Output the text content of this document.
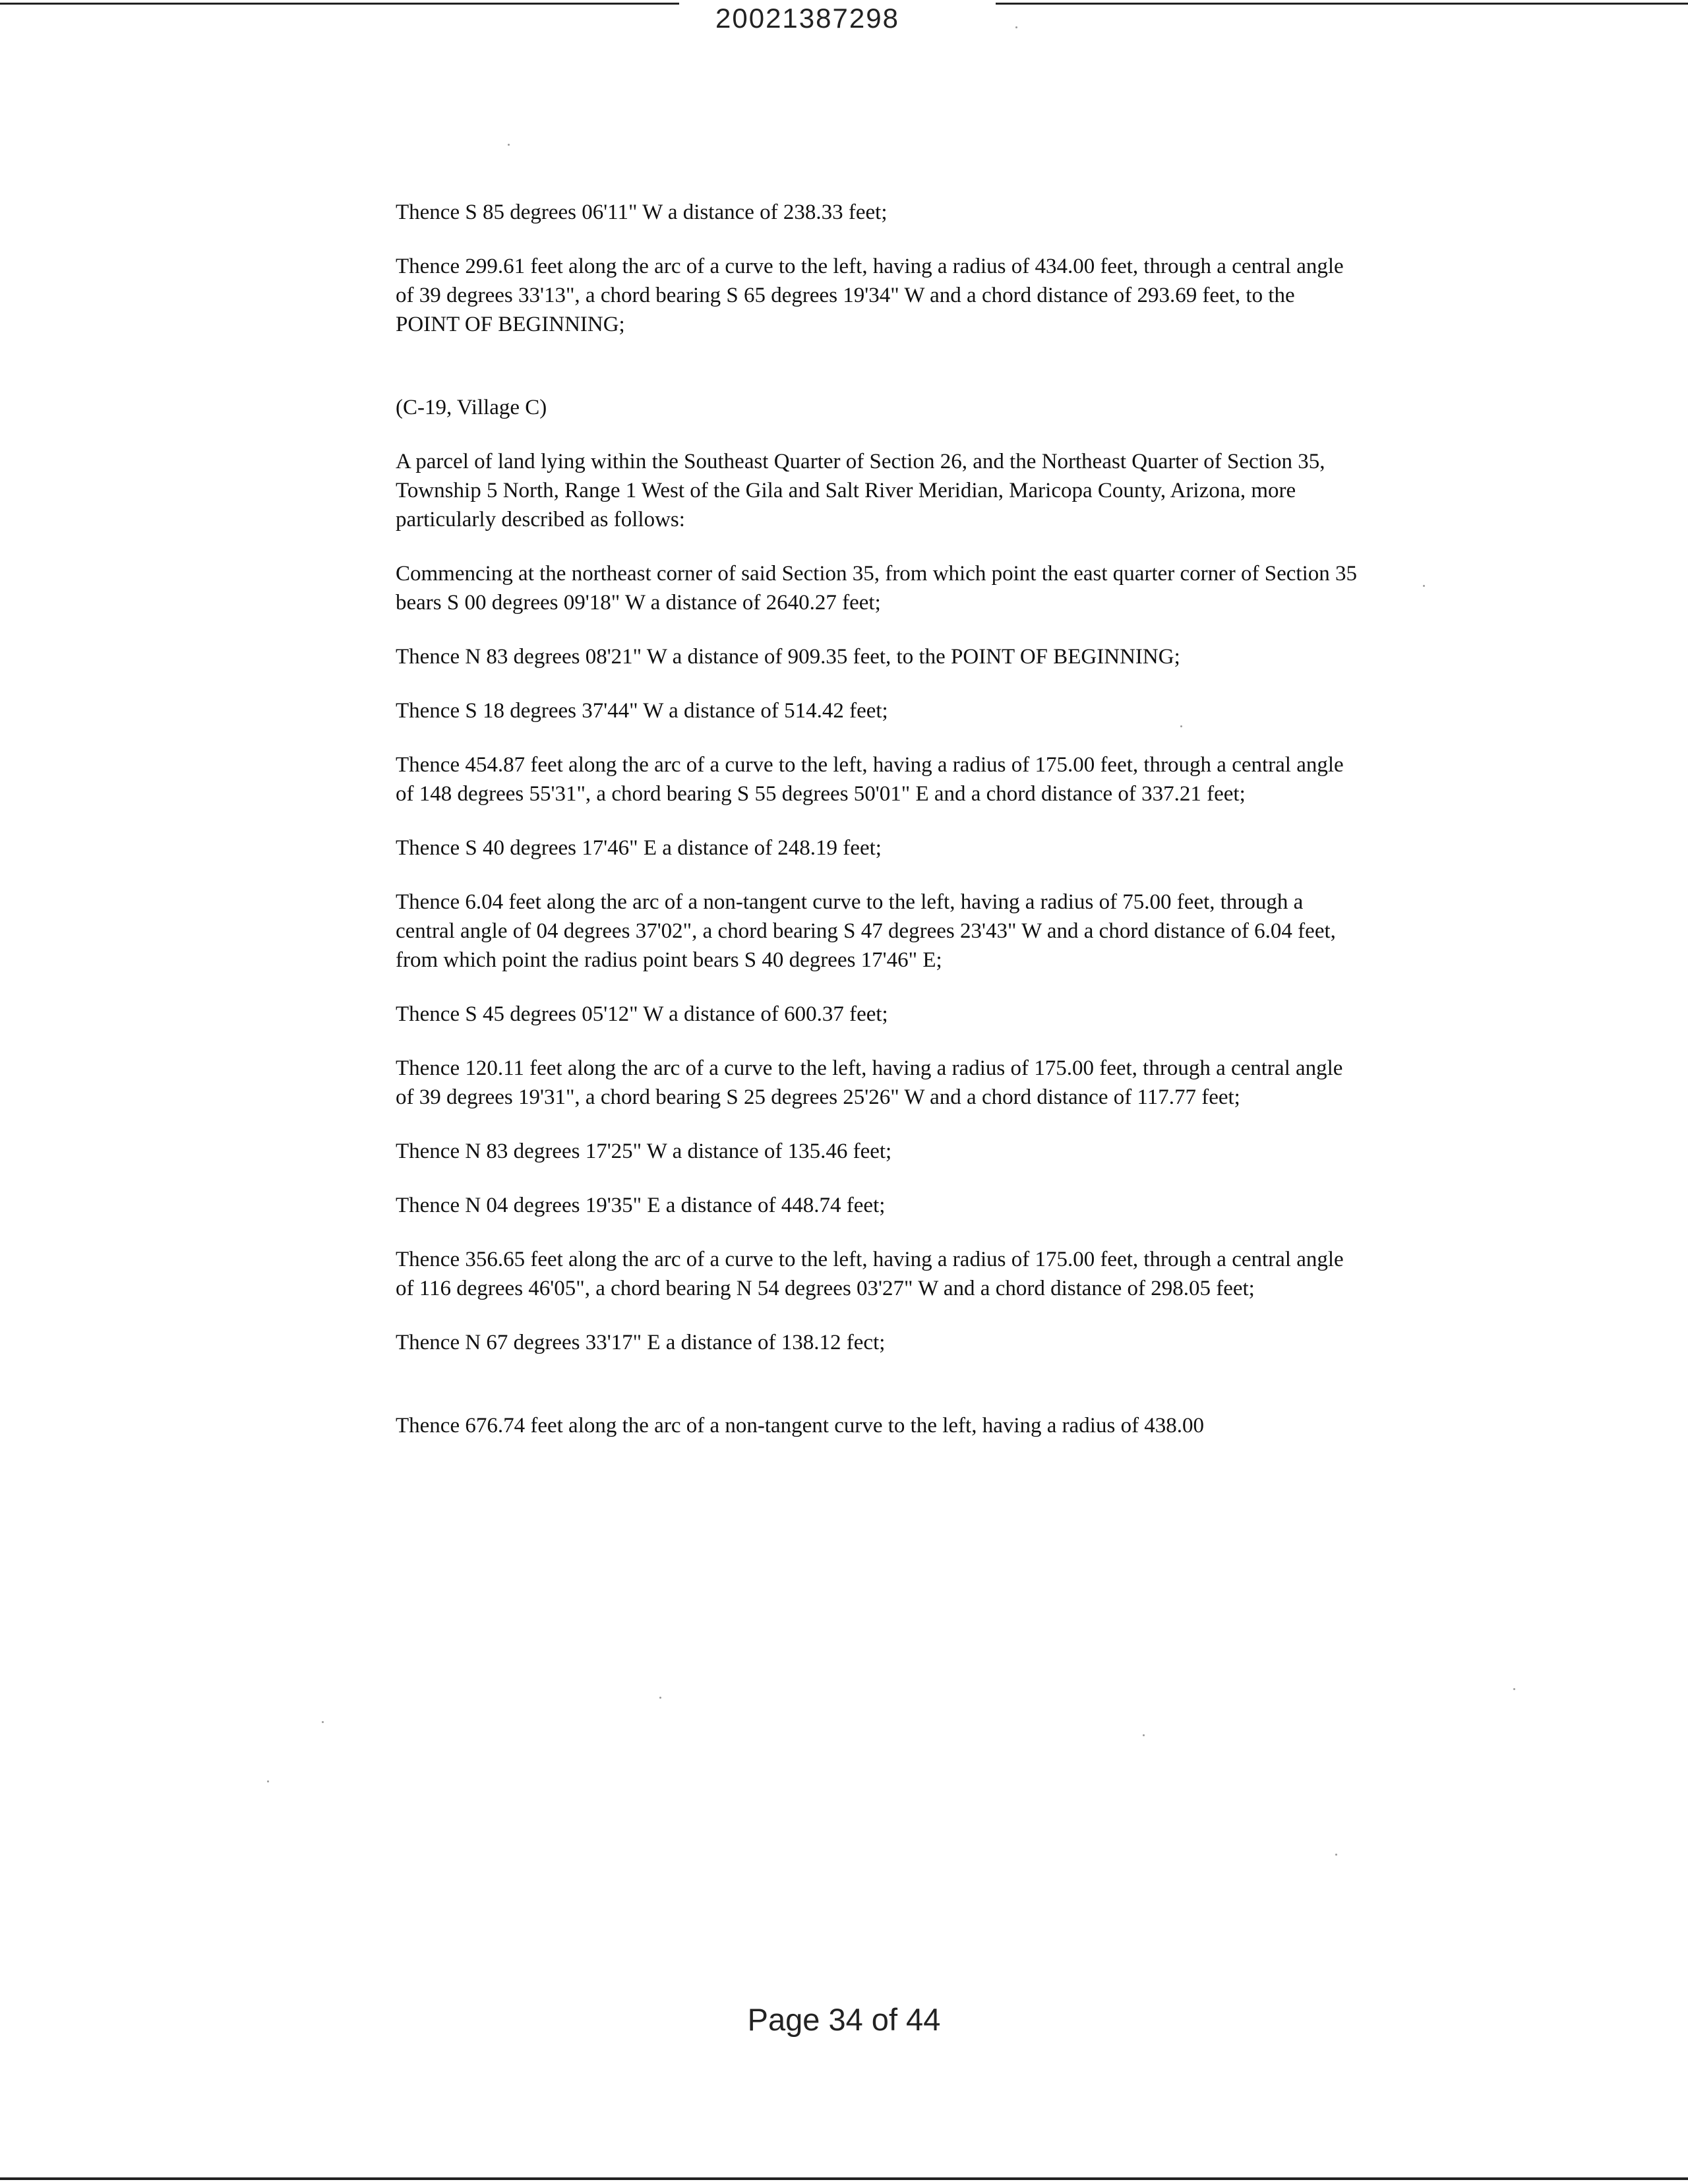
20021387298

Thence S 85 degrees 06'11" W a distance of 238.33 feet;

Thence 299.61 feet along the arc of a curve to the left, having a radius of 434.00 feet, through a central angle of 39 degrees 33'13", a chord bearing S 65 degrees 19'34" W and a chord distance of 293.69 feet, to the POINT OF BEGINNING;

(C-19, Village C)

A parcel of land lying within the Southeast Quarter of Section 26, and the Northeast Quarter of Section 35, Township 5 North, Range 1 West of the Gila and Salt River Meridian, Maricopa County, Arizona, more particularly described as follows:

Commencing at the northeast corner of said Section 35, from which point the east quarter corner of Section 35 bears S 00 degrees 09'18" W a distance of 2640.27 feet;

Thence N 83 degrees 08'21" W a distance of 909.35 feet, to the POINT OF BEGINNING;

Thence S 18 degrees 37'44" W a distance of 514.42 feet;

Thence 454.87 feet along the arc of a curve to the left, having a radius of 175.00 feet, through a central angle of 148 degrees 55'31", a chord bearing S 55 degrees 50'01" E and a chord distance of 337.21 feet;

Thence S 40 degrees 17'46" E a distance of 248.19 feet;

Thence 6.04 feet along the arc of a non-tangent curve to the left, having a radius of 75.00 feet, through a central angle of 04 degrees 37'02", a chord bearing S 47 degrees 23'43" W and a chord distance of 6.04 feet, from which point the radius point bears S 40 degrees 17'46" E;

Thence S 45 degrees 05'12" W a distance of 600.37 feet;

Thence 120.11 feet along the arc of a curve to the left, having a radius of 175.00 feet, through a central angle of 39 degrees 19'31", a chord bearing S 25 degrees 25'26" W and a chord distance of 117.77 feet;

Thence N 83 degrees 17'25" W a distance of 135.46 feet;

Thence N 04 degrees 19'35" E a distance of 448.74 feet;

Thence 356.65 feet along the arc of a curve to the left, having a radius of 175.00 feet, through a central angle of 116 degrees 46'05", a chord bearing N 54 degrees 03'27" W and a chord distance of 298.05 feet;

Thence N 67 degrees 33'17" E a distance of 138.12 fect;

Thence 676.74 feet along the arc of a non-tangent curve to the left, having a radius of 438.00

Page 34 of 44
